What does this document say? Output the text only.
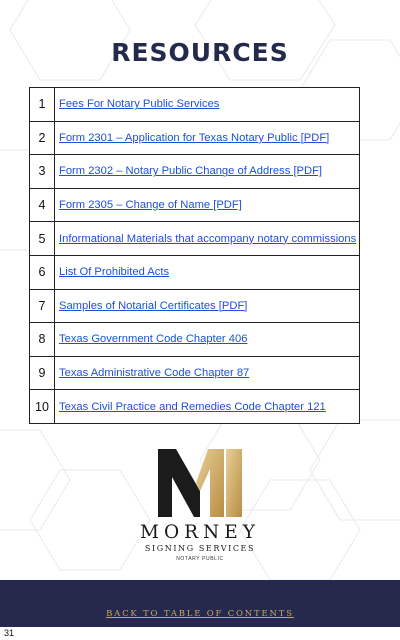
RESOURCES
1	Fees For Notary Public Services
2	Form 2301 – Application for Texas Notary Public [PDF]
3	Form 2302 – Notary Public Change of Address [PDF]
4	Form 2305 – Change of Name [PDF]
5	Informational Materials that accompany notary commissions
6	List Of Prohibited Acts
7	Samples of Notarial Certificates [PDF]
8	Texas Government Code Chapter 406
9	Texas Administrative Code Chapter 87
10	Texas Civil Practice and Remedies Code Chapter 121
MORNEY
SIGNING SERVICES
NOTARY PUBLIC
BACK TO TABLE OF CONTENTS
31
